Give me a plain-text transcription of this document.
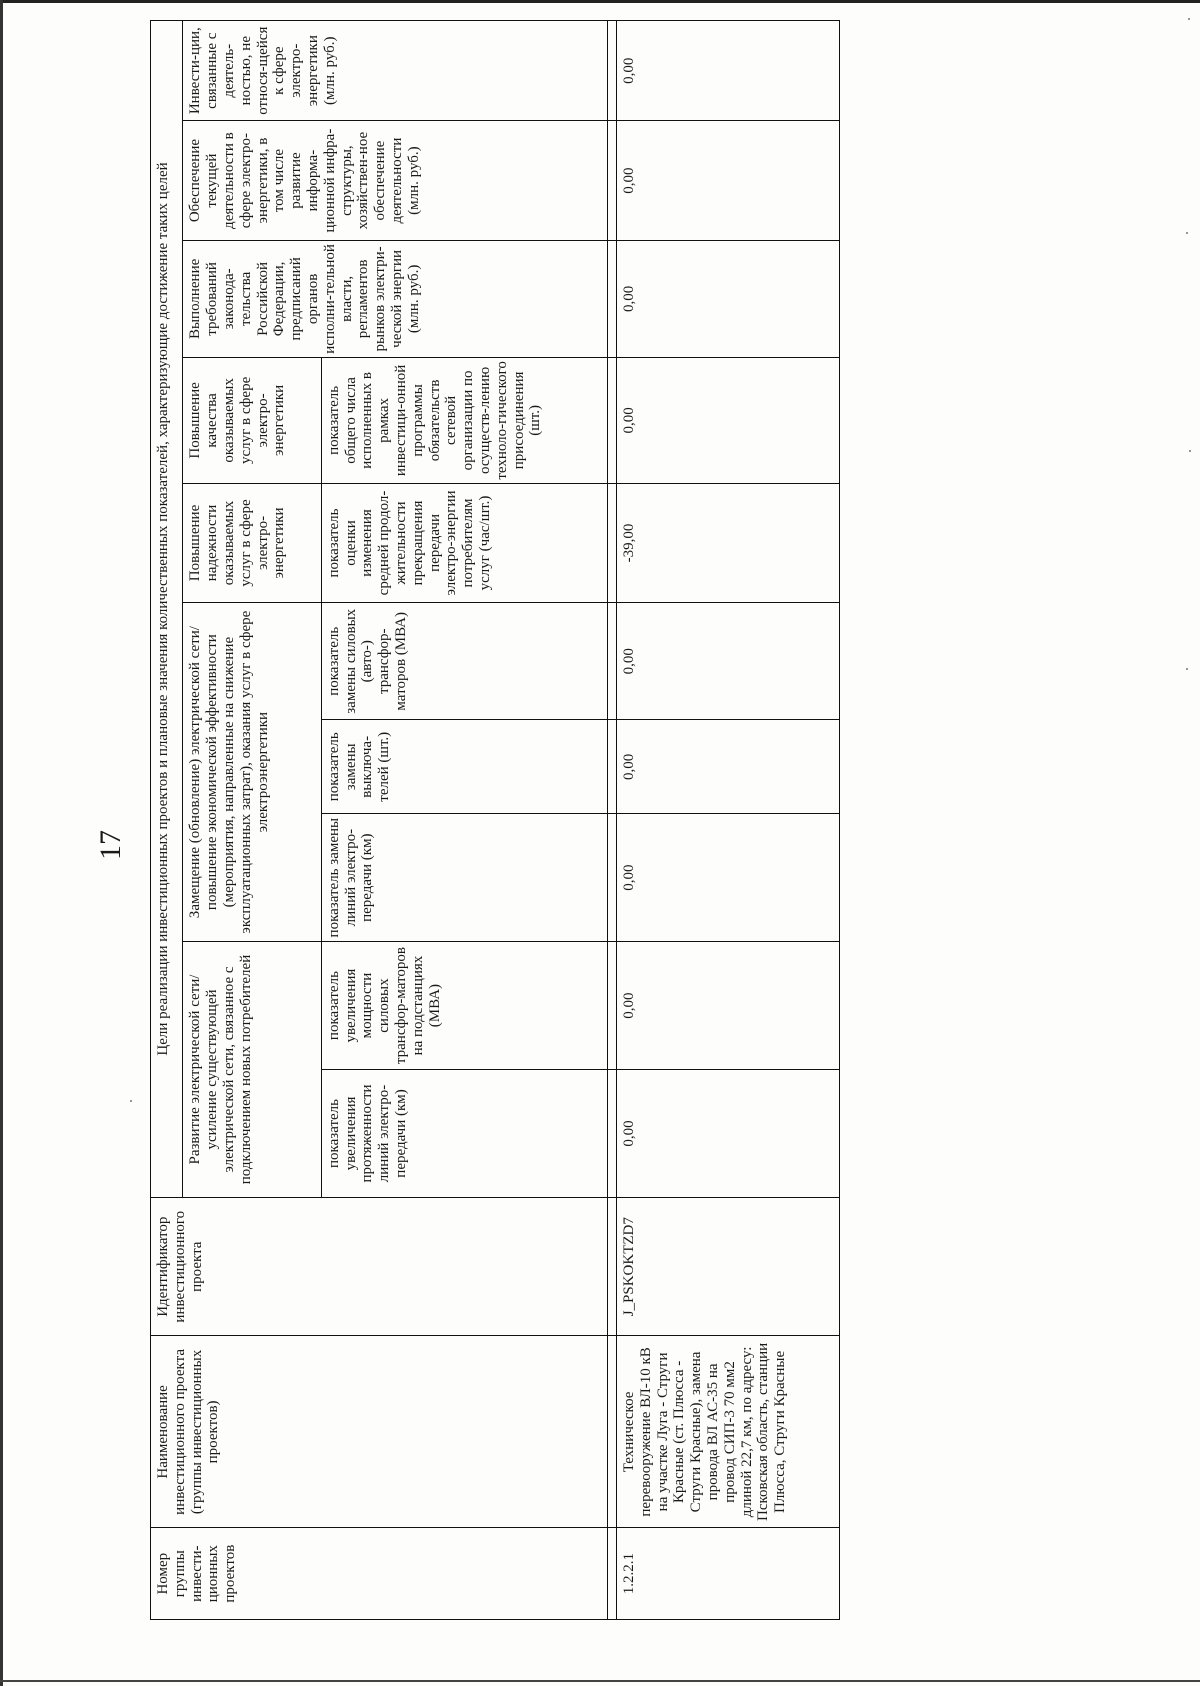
17
Номер группы инвести-ционных проектов	Наименование инвестиционного проекта (группы инвестиционных проектов)	Идентификатор инвестиционного проекта	Цели реализации инвестиционных проектов и плановые значения количественных показателей, характеризующие достижение таких целей									
			Развитие электрической сети/усиление существующей электрической сети, связанное с подключением новых потребителей		Замещение (обновление) электрической сети/повышение экономической эффективности (мероприятия, направленные на снижение эксплуатационных затрат), оказания услуг в сфере электроэнергетики			Повышение надежности оказываемых услуг в сфере электро-энергетики	Повышение качества оказываемых услуг в сфере электро-энергетики	Выполнение требований законода-тельства Российской Федерации, предписаний органов исполни-тельной власти, регламентов рынков электри-ческой энергии (млн. руб.)	Обеспечение текущей деятельности в сфере электро-энергетики, в том числе развитие информа-ционной инфра-структуры, хозяйствен-ное обеспечение деятельности (млн. руб.)	Инвести-ции, связанные с деятель-ностью, не относя-щейся к сфере электро-энергетики (млн. руб.)
			показатель увеличения протяженности линий электро-передачи (км)	показатель увеличения мощности силовых трансфор-маторов на подстанциях (МВА)	показатель замены линий электро-передачи (км)	показатель замены выключа-телей (шт.)	показатель замены силовых (авто-) трансфор-маторов (МВА)	показатель оценки изменения средней продол-жительности прекращения передачи электро-энергии потребителям услуг (час/шт.)	показатель общего числа исполненных в рамках инвестици-онной программы обязательств сетевой организации по осуществ-лению техноло-гического присоединения (шт.)			

1.2.2.1	Техническое перевооружение ВЛ-10 кВ на участке Луга - Струги Красные (ст. Плюсса - Струги Красные), замена провода ВЛ АС-35 на провод СИП-3 70 мм2 длиной 22,7 км, по адресу: Псковская область, станции Плюсса, Струги Красные	J_PSKOKTZD7	0,00	0,00	0,00	0,00	0,00	-39,00	0,00	0,00	0,00	0,00
